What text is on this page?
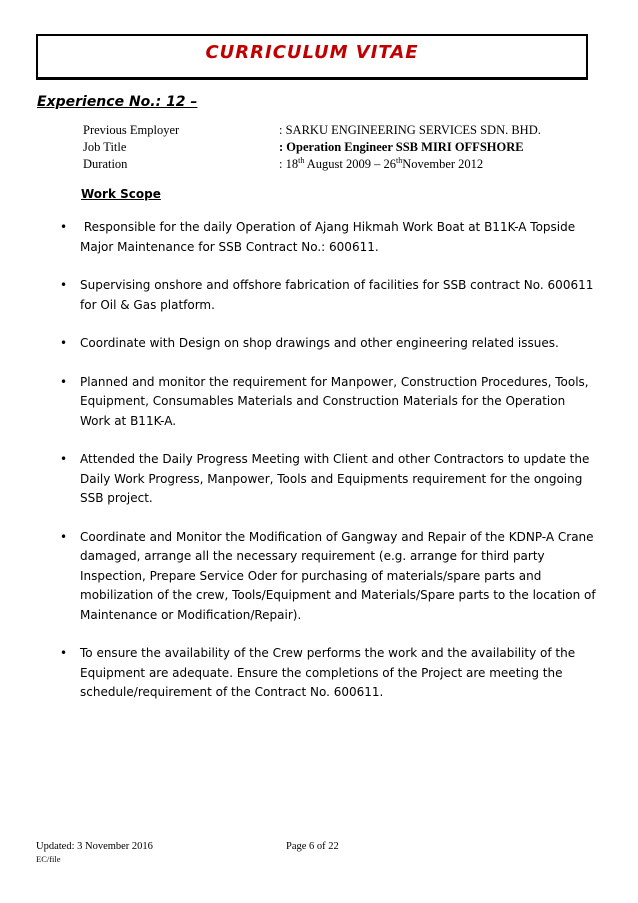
CURRICULUM VITAE
Experience No.: 12 –
Previous Employer	: SARKU ENGINEERING SERVICES SDN. BHD.
Job Title	: Operation Engineer SSB MIRI OFFSHORE
Duration	: 18th August 2009 – 26thNovember 2012
Work Scope
• Responsible for the daily Operation of Ajang Hikmah Work Boat at B11K-A Topside Major Maintenance for SSB Contract No.: 600611.
• Supervising onshore and offshore fabrication of facilities for SSB contract No. 600611 for Oil & Gas platform.
• Coordinate with Design on shop drawings and other engineering related issues.
• Planned and monitor the requirement for Manpower, Construction Procedures, Tools, Equipment, Consumables Materials and Construction Materials for the Operation Work at B11K-A.
• Attended the Daily Progress Meeting with Client and other Contractors to update the Daily Work Progress, Manpower, Tools and Equipments requirement for the ongoing SSB project.
• Coordinate and Monitor the Modification of Gangway and Repair of the KDNP-A Crane damaged, arrange all the necessary requirement (e.g. arrange for third party Inspection, Prepare Service Oder for purchasing of materials/spare parts and mobilization of the crew, Tools/Equipment and Materials/Spare parts to the location of Maintenance or Modification/Repair).
• To ensure the availability of the Crew performs the work and the availability of the Equipment are adequate. Ensure the completions of the Project are meeting the schedule/requirement of the Contract No. 600611.
Updated: 3 November 2016
EC/file
Page 6 of 22
